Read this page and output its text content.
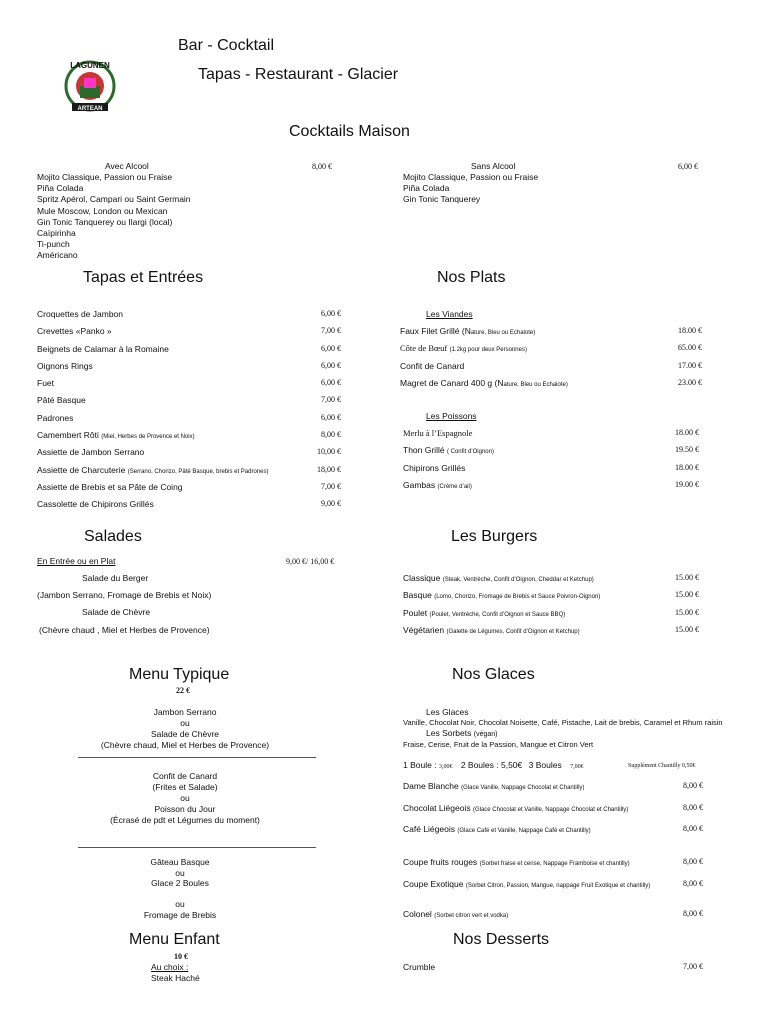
LAGUNEN
ARTEAN
Bar - Cocktail
Tapas - Restaurant - Glacier
Cocktails Maison
Avec Alcool	8,00 €
Mojito Classique, Passion ou Fraise
Piña Colada
Spritz Apérol, Campari ou Saint Germain
Mule Moscow, London ou Mexican
Gin Tonic Tanquerey ou Ilargi (local)
Caïpirinha
Ti-punch
Américano
Sans Alcool	6,00 €
Mojito Classique, Passion ou Fraise
Piña Colada
Gin Tonic Tanquerey
Tapas et Entrées
Croquettes de Jambon	6,00 €
Crevettes «Panko »	7,00 €
Beignets de Calamar à la Romaine	6,00 €
Oignons Rings	6,00 €
Fuet	6,00 €
Pâté Basque	7,00 €
Padrones	6,00 €
Camembert Rôti (Miel, Herbes de Provence et Noix)	8,00 €
Assiette de Jambon Serrano	10,00 €
Assiette de Charcuterie (Serrano, Chorizo, Pâté Basque, brebis et Padrones)	18,00 €
Assiette de Brebis et sa Pâte de Coing	7,00 €
Cassolette de Chipirons Grillés	9,00 €
Nos Plats
Les Viandes
Faux Filet Grillé (Nature, Bleu ou Echalote)	18.00 €
Côte de Bœuf (1.2kg pour deux Personnes)	65.00 €
Confit de Canard	17.00 €
Magret de Canard 400 g (Nature, Bleu ou Echalote)	23.00 €
Les Poissons
Merlu à l’Espagnole	18.00 €
Thon Grillé ( Confit d’Oignon)	19.50 €
Chipirons Grillés	18.00 €
Gambas (Crème d’ail)	19.00 €
Salades
En Entrée ou en Plat	9,00 €/ 16,00 €
Salade du Berger
(Jambon Serrano, Fromage de Brebis et Noix)
Salade de Chèvre
(Chèvre chaud , Miel et Herbes de Provence)
Les Burgers
Classique (Steak, Ventrèche, Confit d’Oignon, Cheddar et Ketchup)	15.00 €
Basque (Lomo, Chorizo, Fromage de Brebis et Sauce Poivron-Oignon)	15.00 €
Poulet (Poulet, Ventrèche, Confit d’Oignon et Sauce BBQ)	15.00 €
Végétarien (Galette de Légumes, Confit d’Oignon et Ketchup)	15.00 €
Menu Typique
22 €
Jambon Serrano
ou
Salade de Chèvre
(Chèvre chaud, Miel et Herbes de Provence)
Confit de Canard
(Frites et Salade)
ou
Poisson du Jour
(Écrasé de pdt et Légumes du moment)
Gâteau Basque
ou
Glace 2 Boules
ou
Fromage de Brebis
Nos Glaces
Les Glaces
Vanille, Chocolat Noir, Chocolat Noisette, Café, Pistache, Lait de brebis, Caramel et Rhum raisin
Les Sorbets (végan)
Fraise, Cerise, Fruit de la Passion, Mangue et Citron Vert
1 Boule : 3,00€ 2 Boules : 5,50€ 3 Boules 7,00€	Supplément Chantilly 0,50€
Dame Blanche (Glace Vanille, Nappage Chocolat et Chantilly)	8,00 €
Chocolat Liégeois (Glace Chocolat et Vanille, Nappage Chocolat et Chantilly)	8,00 €
Café Liégeois (Glace Café et Vanille, Nappage Café et Chantilly)	8,00 €
Coupe fruits rouges (Sorbet fraise et cerise, Nappage Framboise et chantilly)	8,00 €
Coupe Exotique (Sorbet Citron, Passion, Mangue, nappage Fruit Exotique et chantilly)	8,00 €
Colonel (Sorbet citron vert et vodka)	8,00 €
Menu Enfant
10 €
Au choix :
Steak Haché
Nos Desserts
Crumble	7,00 €
